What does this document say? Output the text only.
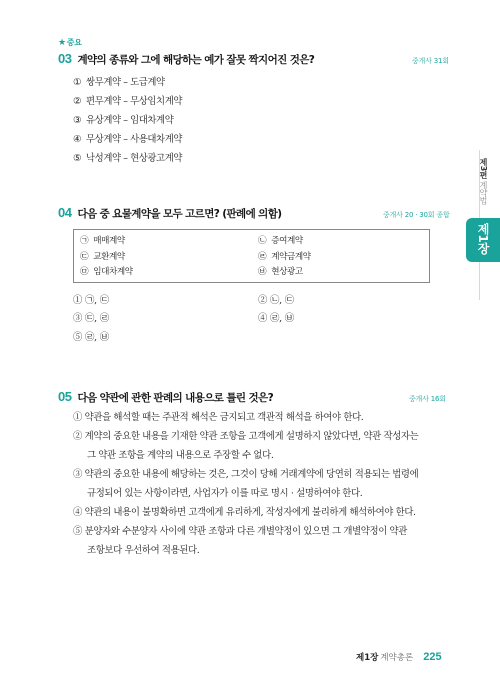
★중요
03 계약의 종류와 그에 해당하는 예가 잘못 짝지어진 것은?	중개사 31회
① 쌍무계약 – 도급계약
② 편무계약 – 무상임치계약
③ 유상계약 – 임대차계약
④ 무상계약 – 사용대차계약
⑤ 낙성계약 – 현상광고계약	제3편 계약법
제1장
04 다음 중 요물계약을 모두 고르면? (판례에 의함)	중개사 20 · 30회 종합
㉠ 매매계약	㉡ 증여계약
㉢ 교환계약	㉣ 계약금계약
㉤ 임대차계약	㉥ 현상광고
① ㉠, ㉢	② ㉡, ㉢
③ ㉢, ㉣	④ ㉣, ㉥
⑤ ㉣, ㉥
05 다음 약관에 관한 판례의 내용으로 틀린 것은?	중개사 16회
① 약관을 해석할 때는 주관적 해석은 금지되고 객관적 해석을 하여야 한다.
② 계약의 중요한 내용을 기재한 약관 조항을 고객에게 설명하지 않았다면, 약관 작성자는
그 약관 조항을 계약의 내용으로 주장할 수 없다.
③ 약관의 중요한 내용에 해당하는 것은, 그것이 당해 거래계약에 당연히 적용되는 법령에
규정되어 있는 사항이라면, 사업자가 이를 따로 명시 · 설명하여야 한다.
④ 약관의 내용이 불명확하면 고객에게 유리하게, 작성자에게 불리하게 해석하여야 한다.
⑤ 분양자와 수분양자 사이에 약관 조항과 다른 개별약정이 있으면 그 개별약정이 약관
조항보다 우선하여 적용된다.
제1장 계약총론 225
